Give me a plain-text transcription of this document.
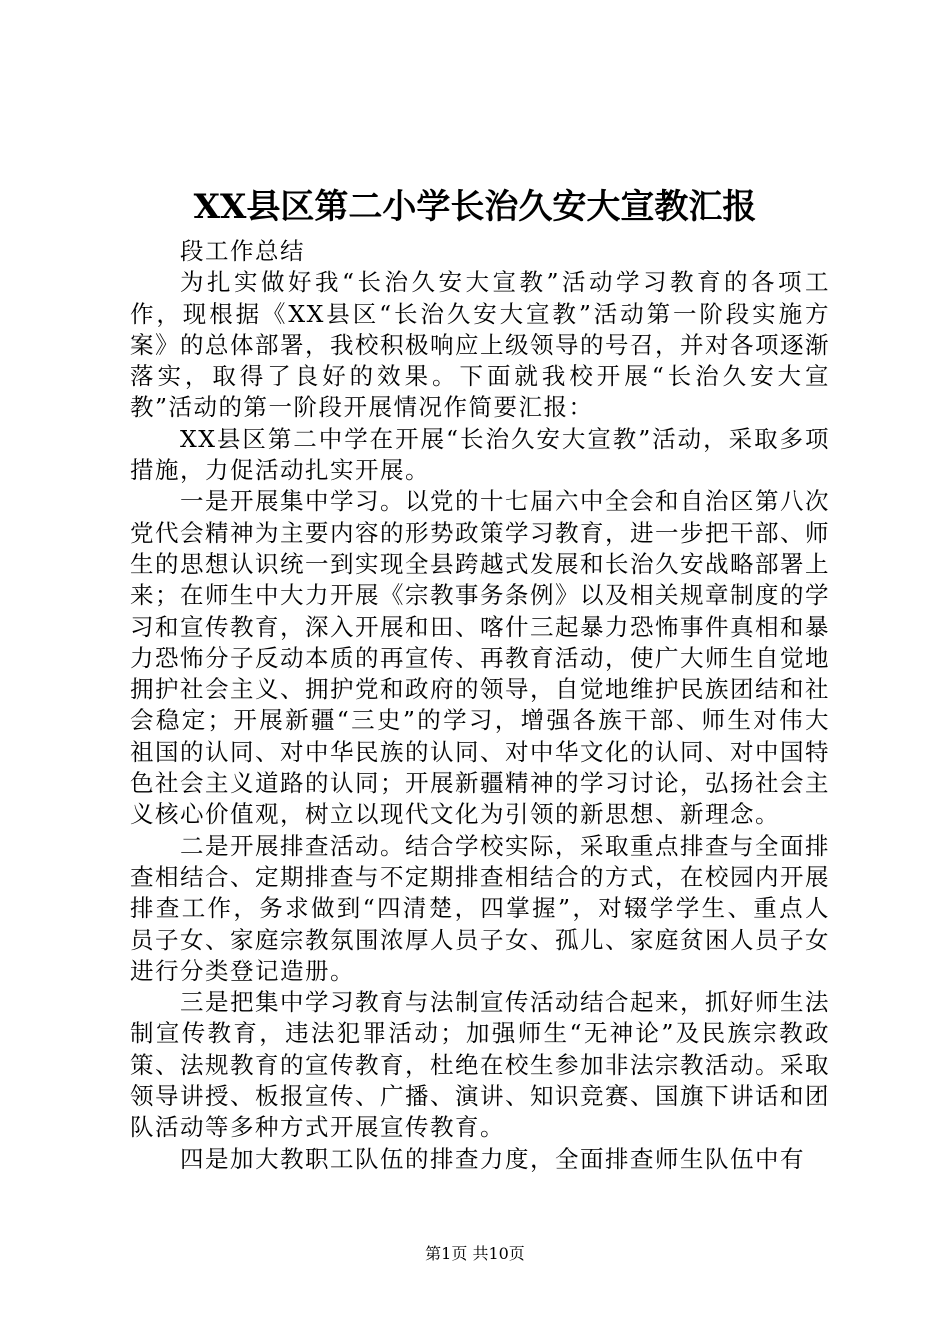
XX县区第二小学长治久安大宣教汇报

段工作总结

为扎实做好我“长治久安大宣教”活动学习教育的各项工作，现根据《XX县区“长治久安大宣教”活动第一阶段实施方案》的总体部署，我校积极响应上级领导的号召，并对各项逐渐落实，取得了良好的效果。下面就我校开展“长治久安大宣教”活动的第一阶段开展情况作简要汇报：

XX县区第二中学在开展“长治久安大宣教”活动，采取多项措施，力促活动扎实开展。

一是开展集中学习。以党的十七届六中全会和自治区第八次党代会精神为主要内容的形势政策学习教育，进一步把干部、师生的思想认识统一到实现全县跨越式发展和长治久安战略部署上来；在师生中大力开展《宗教事务条例》以及相关规章制度的学习和宣传教育，深入开展和田、喀什三起暴力恐怖事件真相和暴力恐怖分子反动本质的再宣传、再教育活动，使广大师生自觉地拥护社会主义、拥护党和政府的领导，自觉地维护民族团结和社会稳定；开展新疆“三史”的学习，增强各族干部、师生对伟大祖国的认同、对中华民族的认同、对中华文化的认同、对中国特色社会主义道路的认同；开展新疆精神的学习讨论，弘扬社会主义核心价值观，树立以现代文化为引领的新思想、新理念。

二是开展排查活动。结合学校实际，采取重点排查与全面排查相结合、定期排查与不定期排查相结合的方式，在校园内开展排查工作，务求做到“四清楚，四掌握”，对辍学学生、重点人员子女、家庭宗教氛围浓厚人员子女、孤儿、家庭贫困人员子女进行分类登记造册。

三是把集中学习教育与法制宣传活动结合起来，抓好师生法制宣传教育，违法犯罪活动；加强师生“无神论”及民族宗教政策、法规教育的宣传教育，杜绝在校生参加非法宗教活动。采取领导讲授、板报宣传、广播、演讲、知识竞赛、国旗下讲话和团队活动等多种方式开展宣传教育。

四是加大教职工队伍的排查力度，全面排查师生队伍中有

第1页 共10页
